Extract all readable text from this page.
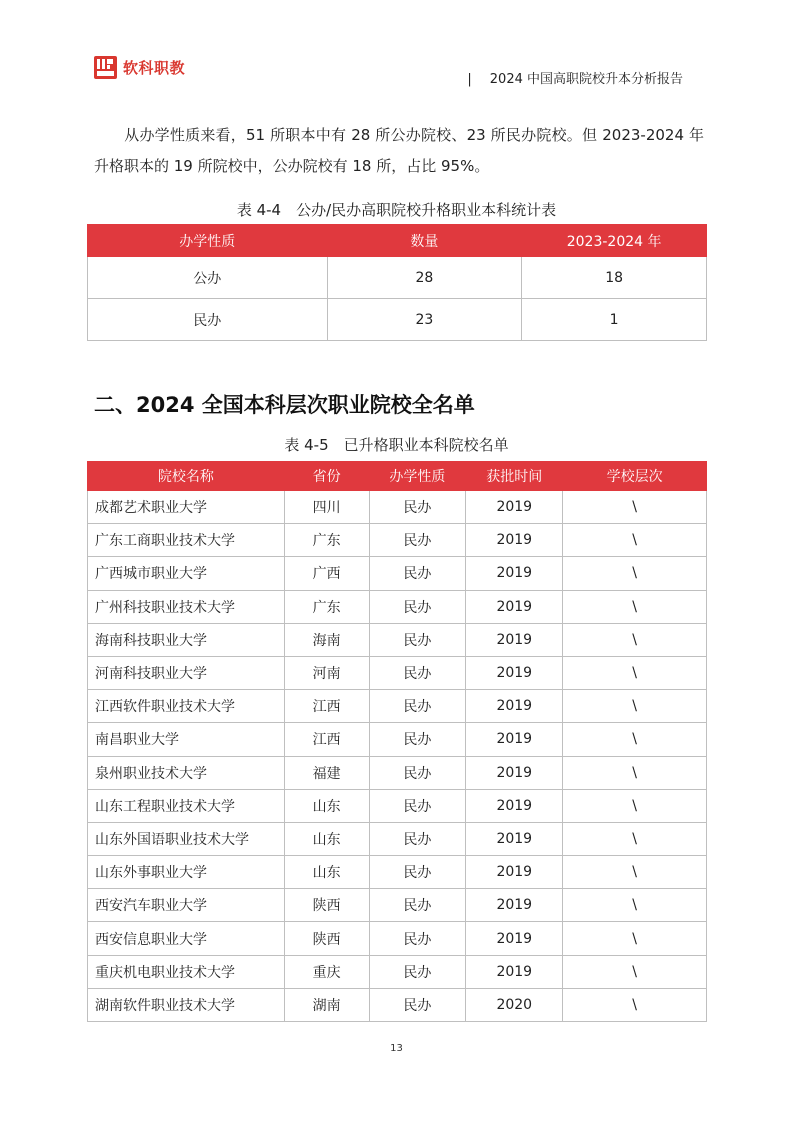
软科职教
| 2024 中国高职院校升本分析报告
从办学性质来看，51 所职本中有 28 所公办院校、23 所民办院校。但 2023-2024 年升格职本的 19 所院校中，公办院校有 18 所，占比 95%。
表 4-4　公办/民办高职院校升格职业本科统计表
办学性质	数量	2023-2024 年
公办	28	18
民办	23	1
二、2024 全国本科层次职业院校全名单
表 4-5　已升格职业本科院校名单
院校名称	省份	办学性质	获批时间	学校层次
成都艺术职业大学	四川	民办	2019	\
广东工商职业技术大学	广东	民办	2019	\
广西城市职业大学	广西	民办	2019	\
广州科技职业技术大学	广东	民办	2019	\
海南科技职业大学	海南	民办	2019	\
河南科技职业大学	河南	民办	2019	\
江西软件职业技术大学	江西	民办	2019	\
南昌职业大学	江西	民办	2019	\
泉州职业技术大学	福建	民办	2019	\
山东工程职业技术大学	山东	民办	2019	\
山东外国语职业技术大学	山东	民办	2019	\
山东外事职业大学	山东	民办	2019	\
西安汽车职业大学	陕西	民办	2019	\
西安信息职业大学	陕西	民办	2019	\
重庆机电职业技术大学	重庆	民办	2019	\
湖南软件职业技术大学	湖南	民办	2020	\
13
